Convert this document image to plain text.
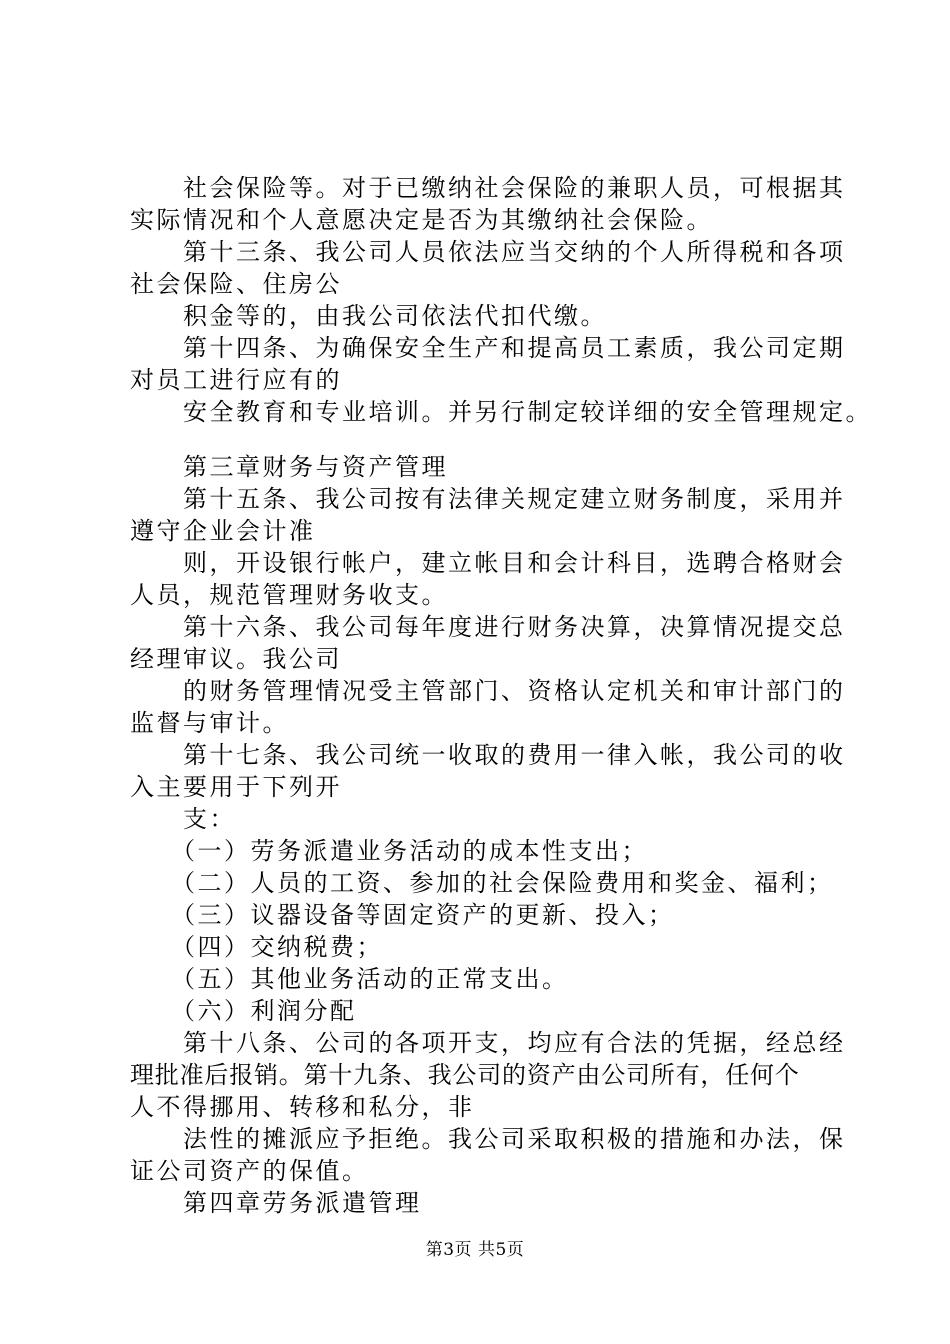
社会保险等。对于已缴纳社会保险的兼职人员，可根据其
实际情况和个人意愿决定是否为其缴纳社会保险。
第十三条、我公司人员依法应当交纳的个人所得税和各项
社会保险、住房公
积金等的，由我公司依法代扣代缴。
第十四条、为确保安全生产和提高员工素质，我公司定期
对员工进行应有的
安全教育和专业培训。并另行制定较详细的安全管理规定。
第三章财务与资产管理
第十五条、我公司按有法律关规定建立财务制度，采用并
遵守企业会计准
则，开设银行帐户，建立帐目和会计科目，选聘合格财会
人员，规范管理财务收支。
第十六条、我公司每年度进行财务决算，决算情况提交总
经理审议。我公司
的财务管理情况受主管部门、资格认定机关和审计部门的
监督与审计。
第十七条、我公司统一收取的费用一律入帐，我公司的收
入主要用于下列开
支：
（一）劳务派遣业务活动的成本性支出；
（二）人员的工资、参加的社会保险费用和奖金、福利；
（三）议器设备等固定资产的更新、投入；
（四）交纳税费；
（五）其他业务活动的正常支出。
（六）利润分配
第十八条、公司的各项开支，均应有合法的凭据，经总经
理批准后报销。第十九条、我公司的资产由公司所有，任何个
人不得挪用、转移和私分，非
法性的摊派应予拒绝。我公司采取积极的措施和办法，保
证公司资产的保值。
第四章劳务派遣管理
第3页 共5页
